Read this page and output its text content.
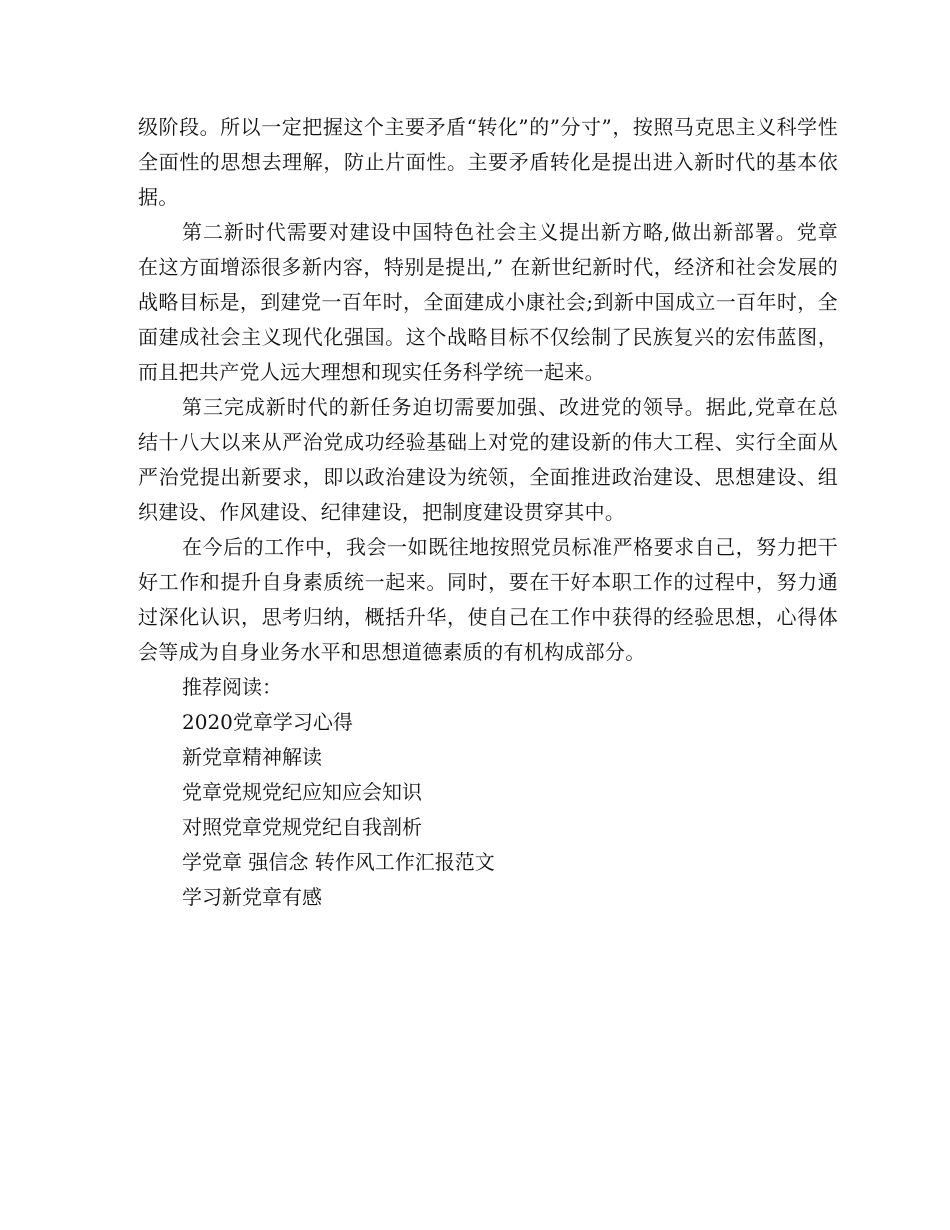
级阶段。所以一定把握这个主要矛盾“转化”的”分寸”，按照马克思主义科学性全面性的思想去理解，防止片面性。主要矛盾转化是提出进入新时代的基本依据。

第二新时代需要对建设中国特色社会主义提出新方略,做出新部署。党章在这方面增添很多新内容，特别是提出,” 在新世纪新时代，经济和社会发展的战略目标是，到建党一百年时，全面建成小康社会;到新中国成立一百年时，全面建成社会主义现代化强国。这个战略目标不仅绘制了民族复兴的宏伟蓝图，而且把共产党人远大理想和现实任务科学统一起来。

第三完成新时代的新任务迫切需要加强、改进党的领导。据此,党章在总结十八大以来从严治党成功经验基础上对党的建设新的伟大工程、实行全面从严治党提出新要求，即以政治建设为统领，全面推进政治建设、思想建设、组织建设、作风建设、纪律建设，把制度建设贯穿其中。

在今后的工作中，我会一如既往地按照党员标准严格要求自己，努力把干好工作和提升自身素质统一起来。同时，要在干好本职工作的过程中，努力通过深化认识，思考归纳，概括升华，使自己在工作中获得的经验思想，心得体会等成为自身业务水平和思想道德素质的有机构成部分。

推荐阅读：

2020党章学习心得
新党章精神解读
党章党规党纪应知应会知识
对照党章党规党纪自我剖析
学党章 强信念 转作风工作汇报范文
学习新党章有感
